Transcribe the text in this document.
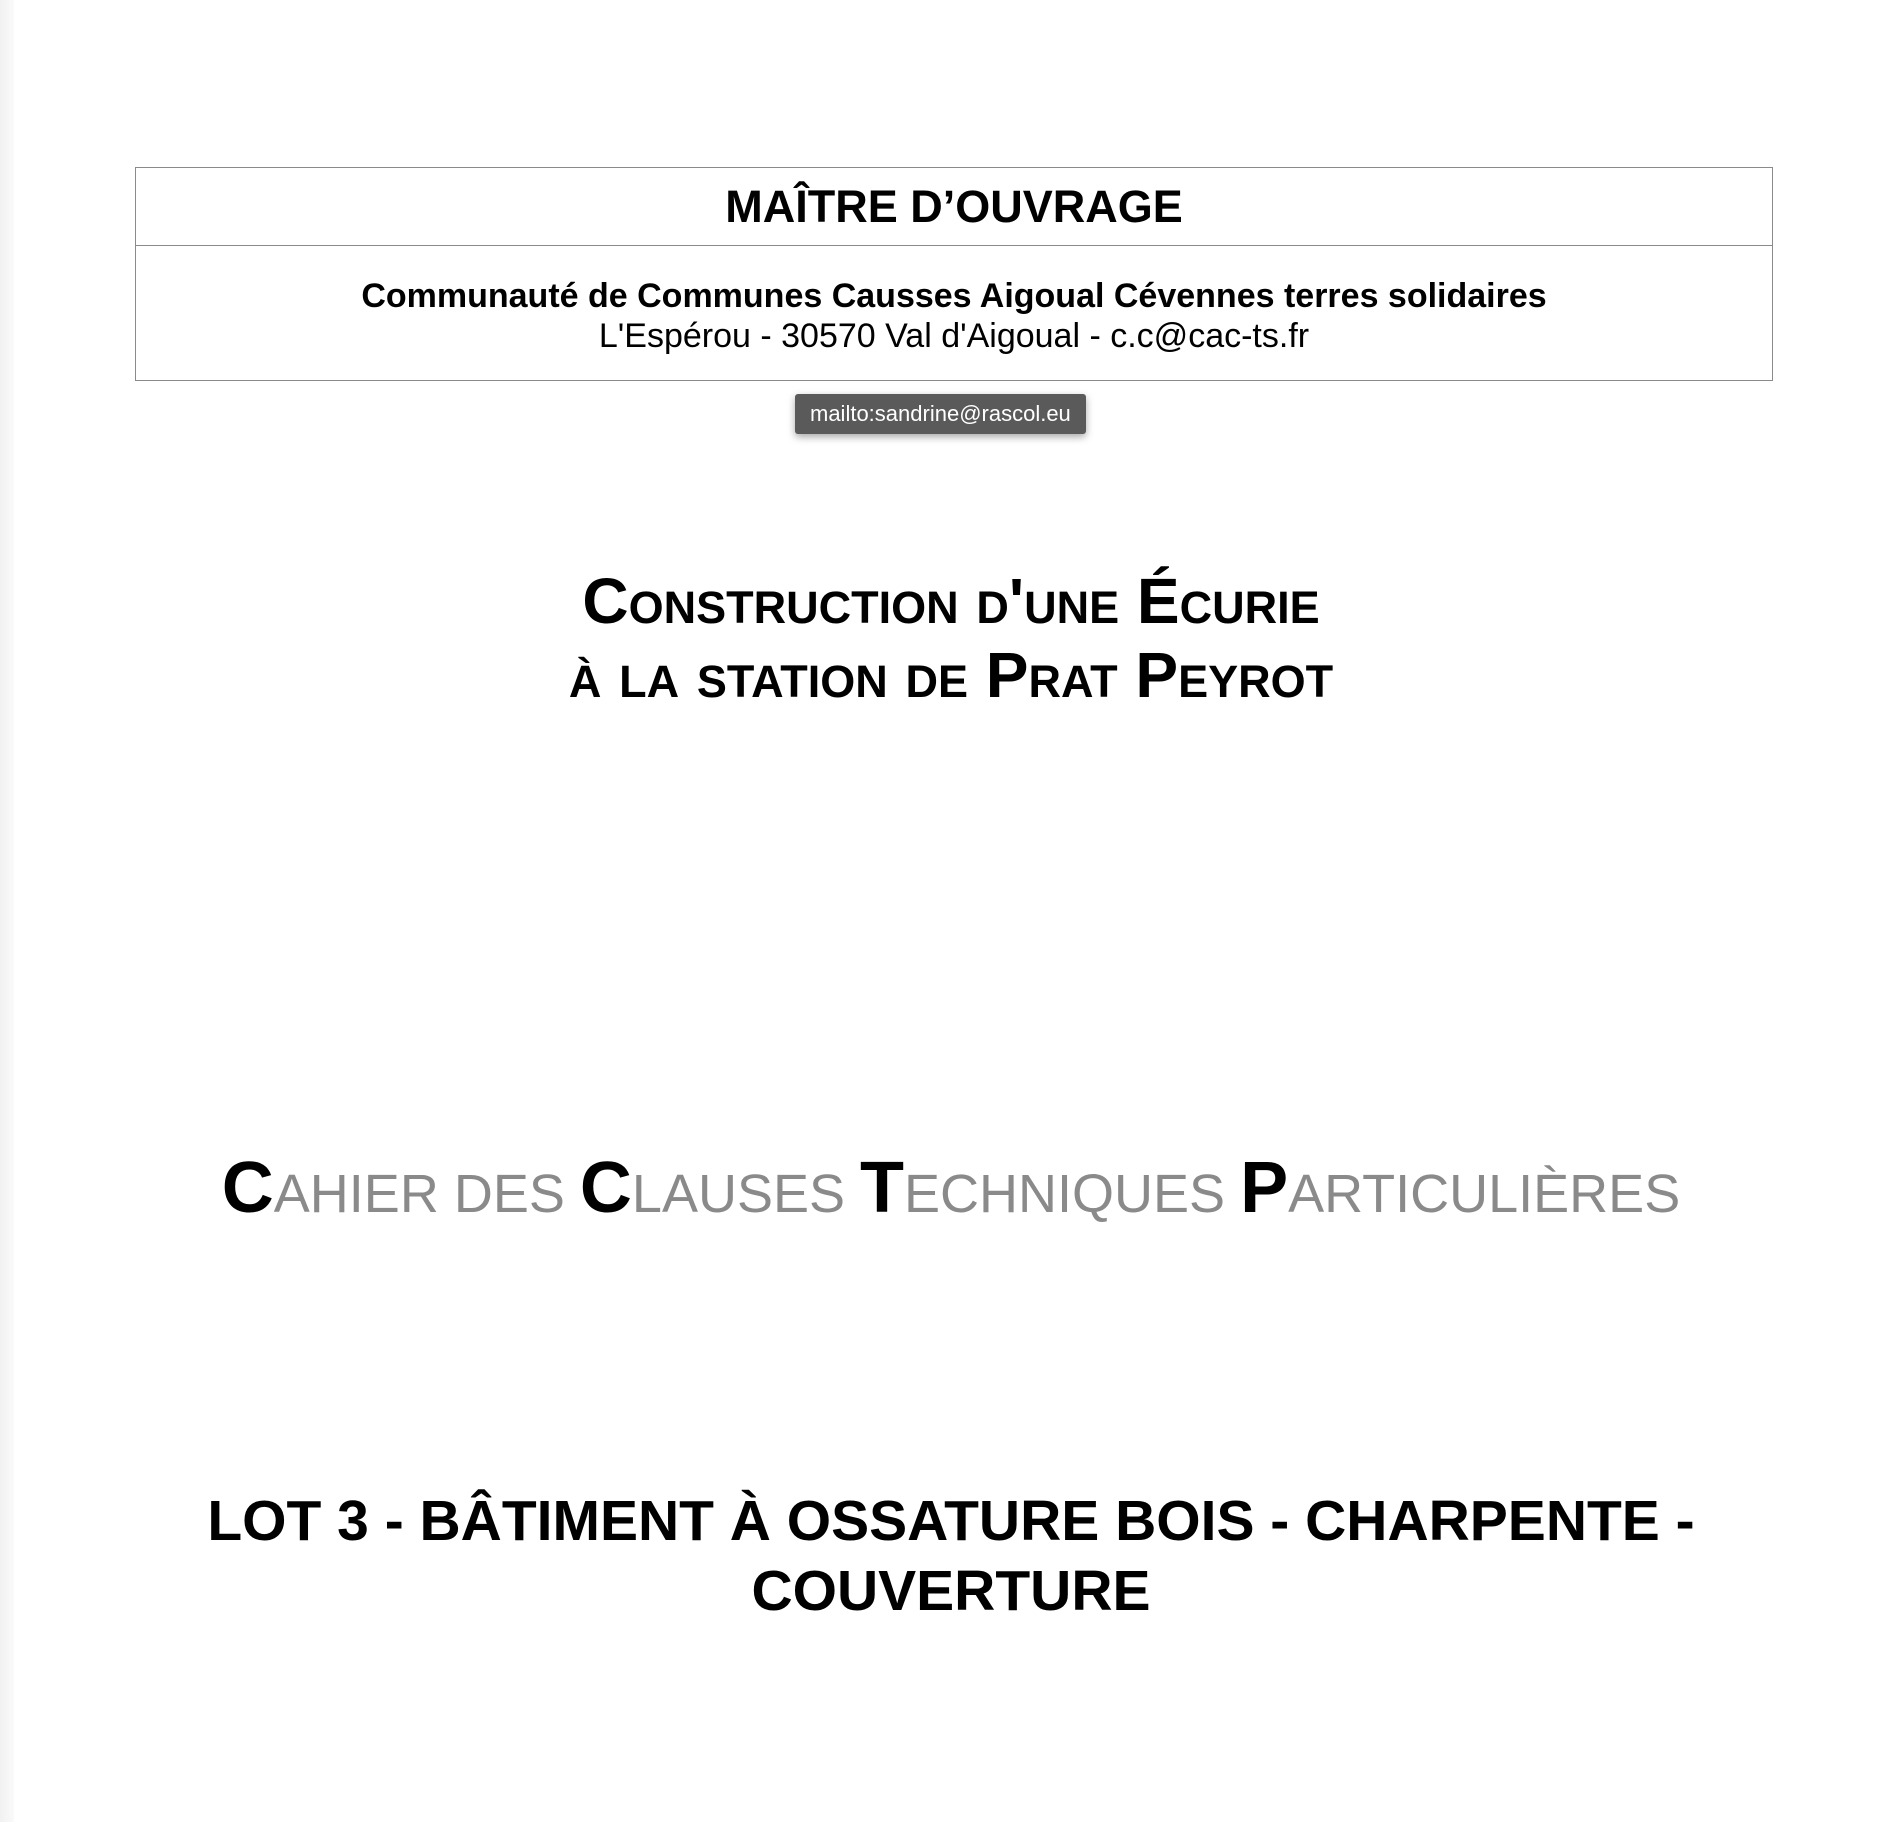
MAÎTRE D’OUVRAGE
Communauté de Communes Causses Aigoual Cévennes terres solidaires
L'Espérou - 30570 Val d'Aigoual - c.c@cac-ts.fr
mailto:sandrine@rascol.eu
Construction d'une Écurie
à la station de Prat Peyrot
CAHIER DES CLAUSES TECHNIQUES PARTICULIÈRES
LOT 3 - BÂTIMENT À OSSATURE BOIS - CHARPENTE - COUVERTURE
